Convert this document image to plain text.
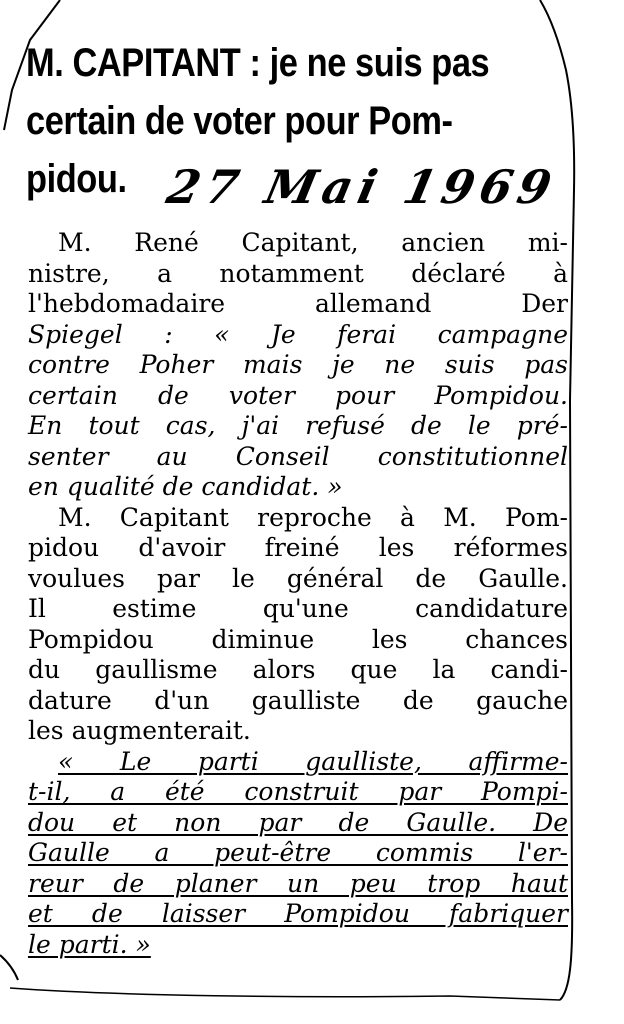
M. CAPITANT : je ne suis pas
certain de voter pour Pom-
pidou. 27 Mai 1969
M. René Capitant, ancien mi-
nistre, a notamment déclaré à
l'hebdomadaire allemand Der
Spiegel : « Je ferai campagne
contre Poher mais je ne suis pas
certain de voter pour Pompidou.
En tout cas, j'ai refusé de le pré-
senter au Conseil constitutionnel
en qualité de candidat. »
M. Capitant reproche à M. Pom-
pidou d'avoir freiné les réformes
voulues par le général de Gaulle.
Il estime qu'une candidature
Pompidou diminue les chances
du gaullisme alors que la candi-
dature d'un gaulliste de gauche
les augmenterait.
« Le parti gaulliste, affirme-
t-il, a été construit par Pompi-
dou et non par de Gaulle. De
Gaulle a peut-être commis l'er-
reur de planer un peu trop haut
et de laisser Pompidou fabriquer
le parti. »
